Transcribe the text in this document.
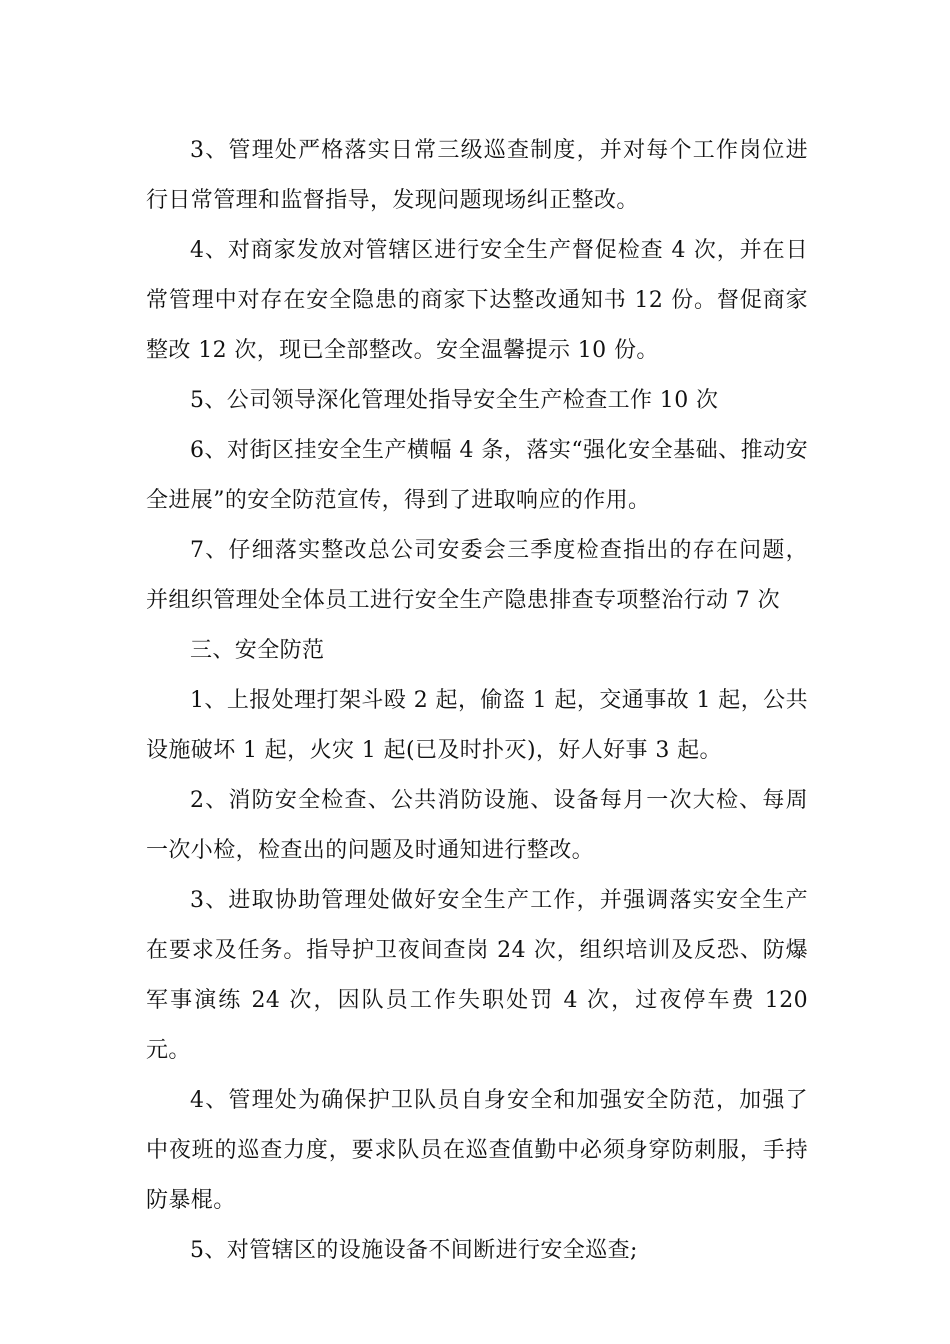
3、管理处严格落实日常三级巡查制度，并对每个工作岗位进行日常管理和监督指导，发现问题现场纠正整改。

4、对商家发放对管辖区进行安全生产督促检查 4 次，并在日常管理中对存在安全隐患的商家下达整改通知书 12 份。督促商家整改 12 次，现已全部整改。安全温馨提示 10 份。

5、公司领导深化管理处指导安全生产检查工作 10 次

6、对街区挂安全生产横幅 4 条，落实“强化安全基础、推动安全进展”的安全防范宣传，得到了进取响应的作用。

7、仔细落实整改总公司安委会三季度检查指出的存在问题，并组织管理处全体员工进行安全生产隐患排查专项整治行动 7 次

三、安全防范

1、上报处理打架斗殴 2 起，偷盗 1 起，交通事故 1 起，公共设施破坏 1 起，火灾 1 起(已及时扑灭)，好人好事 3 起。

2、消防安全检查、公共消防设施、设备每月一次大检、每周一次小检，检查出的问题及时通知进行整改。

3、进取协助管理处做好安全生产工作，并强调落实安全生产在要求及任务。指导护卫夜间查岗 24 次，组织培训及反恐、防爆军事演练 24 次，因队员工作失职处罚 4 次，过夜停车费 120 元。

4、管理处为确保护卫队员自身安全和加强安全防范，加强了中夜班的巡查力度，要求队员在巡查值勤中必须身穿防刺服，手持防暴棍。

5、对管辖区的设施设备不间断进行安全巡查;
